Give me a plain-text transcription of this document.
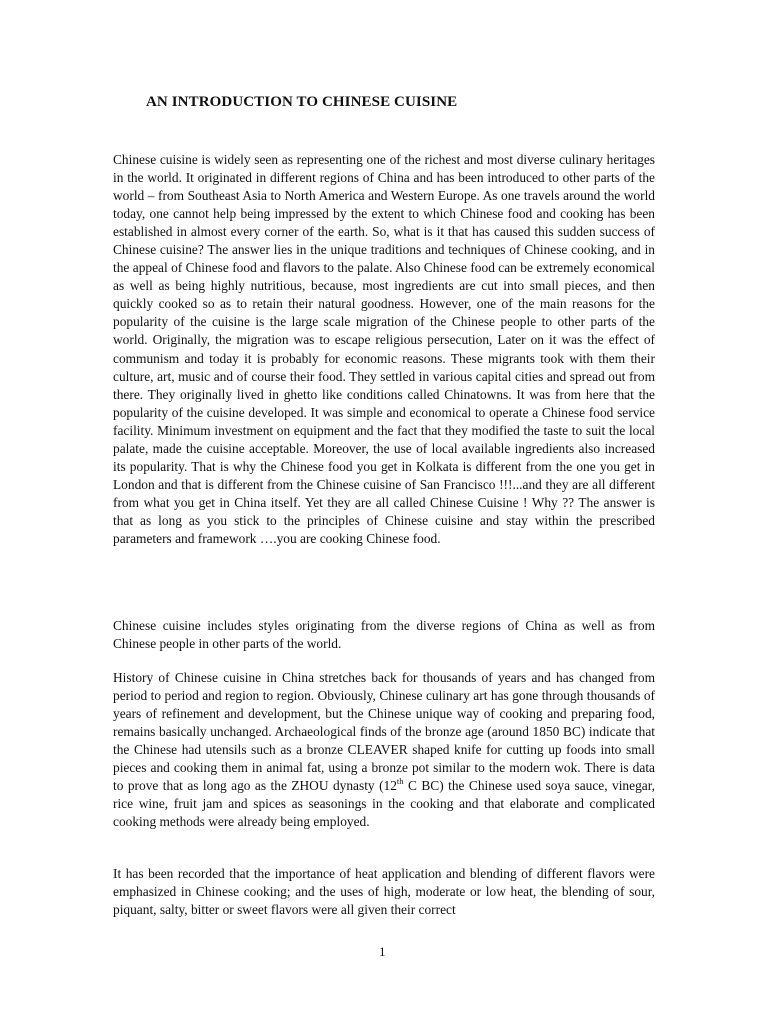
AN INTRODUCTION TO CHINESE CUISINE

Chinese cuisine is widely seen as representing one of the richest and most diverse culinary heritages in the world. It originated in different regions of China and has been introduced to other parts of the world – from Southeast Asia to North America and Western Europe. As one travels around the world today, one cannot help being impressed by the extent to which Chinese food and cooking has been established in almost every corner of the earth. So, what is it that has caused this sudden success of Chinese cuisine? The answer lies in the unique traditions and techniques of Chinese cooking, and in the appeal of Chinese food and flavors to the palate. Also Chinese food can be extremely economical as well as being highly nutritious, because, most ingredients are cut into small pieces, and then quickly cooked so as to retain their natural goodness. However, one of the main reasons for the popularity of the cuisine is the large scale migration of the Chinese people to other parts of the world. Originally, the migration was to escape religious persecution, Later on it was the effect of communism and today it is probably for economic reasons. These migrants took with them their culture, art, music and of course their food. They settled in various capital cities and spread out from there. They originally lived in ghetto like conditions called Chinatowns. It was from here that the popularity of the cuisine developed. It was simple and economical to operate a Chinese food service facility. Minimum investment on equipment and the fact that they modified the taste to suit the local palate, made the cuisine acceptable. Moreover, the use of local available ingredients also increased its popularity. That is why the Chinese food you get in Kolkata is different from the one you get in London and that is different from the Chinese cuisine of San Francisco !!!...and they are all different from what you get in China itself. Yet they are all called Chinese Cuisine ! Why ?? The answer is that as long as you stick to the principles of Chinese cuisine and stay within the prescribed parameters and framework ….you are cooking Chinese food.

Chinese cuisine includes styles originating from the diverse regions of China as well as from Chinese people in other parts of the world.

History of Chinese cuisine in China stretches back for thousands of years and has changed from period to period and region to region. Obviously, Chinese culinary art has gone through thousands of years of refinement and development, but the Chinese unique way of cooking and preparing food, remains basically unchanged. Archaeological finds of the bronze age (around 1850 BC) indicate that the Chinese had utensils such as a bronze CLEAVER shaped knife for cutting up foods into small pieces and cooking them in animal fat, using a bronze pot similar to the modern wok. There is data to prove that as long ago as the ZHOU dynasty (12th C BC) the Chinese used soya sauce, vinegar, rice wine, fruit jam and spices as seasonings in the cooking and that elaborate and complicated cooking methods were already being employed.

It has been recorded that the importance of heat application and blending of different flavors were emphasized in Chinese cooking; and the uses of high, moderate or low heat, the blending of sour, piquant, salty, bitter or sweet flavors were all given their correct

1
